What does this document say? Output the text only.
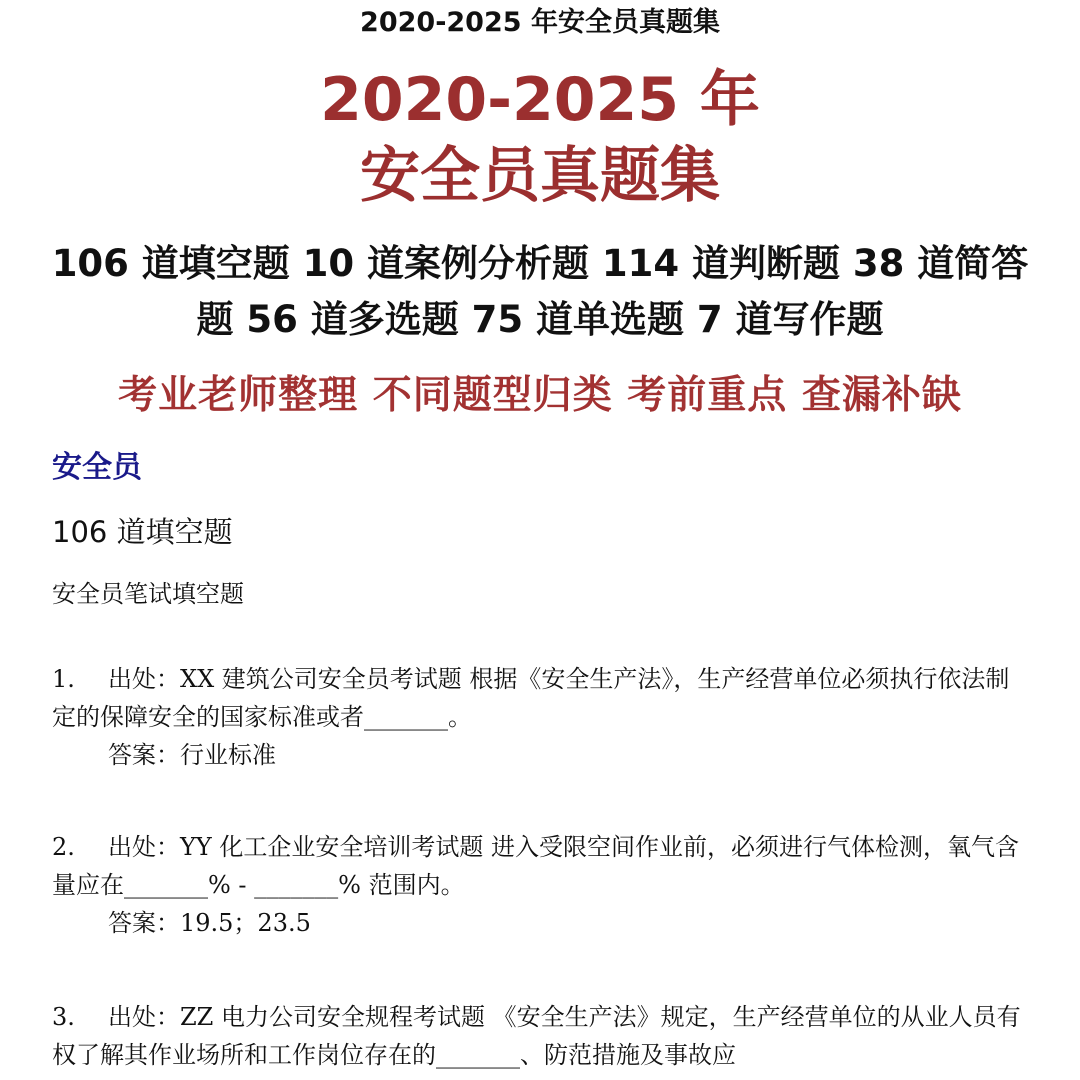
2020-2025 年安全员真题集
2020-2025 年
安全员真题集
106 道填空题 10 道案例分析题 114 道判断题 38 道简答题 56 道多选题 75 道单选题 7 道写作题
考业老师整理 不同题型归类 考前重点 查漏补缺
安全员
106 道填空题
安全员笔试填空题
1. 出处：XX 建筑公司安全员考试题 根据《安全生产法》，生产经营单位必须执行依法制定的保障安全的国家标准或者_______。
答案：行业标准
2. 出处：YY 化工企业安全培训考试题 进入受限空间作业前，必须进行气体检测，氧气含量应在_______% - _______% 范围内。
答案：19.5；23.5
3. 出处：ZZ 电力公司安全规程考试题 《安全生产法》规定，生产经营单位的从业人员有权了解其作业场所和工作岗位存在的_______、防范措施及事故应
